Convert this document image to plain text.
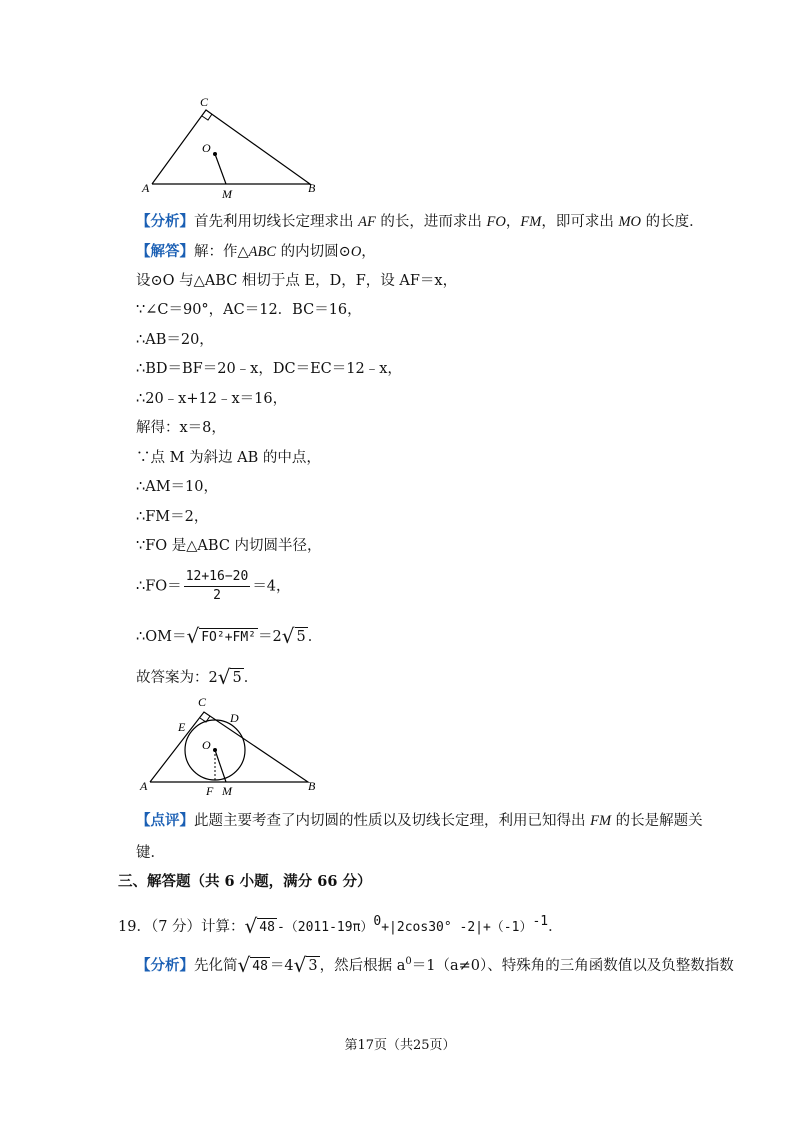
C
O
A	M	B
【分析】首先利用切线长定理求出 AF 的长，进而求出 FO，FM，即可求出 MO 的长度．
【解答】解：作△ABC 的内切圆⊙O，
设⊙O 与△ABC 相切于点 E，D，F，设 AF＝x，
∵∠C＝90°，AC＝12．BC＝16，
∴AB＝20，
∴BD＝BF＝20﹣x，DC＝EC＝12﹣x，
∴20﹣x+12﹣x＝16，
解得：x＝8，
∵点 M 为斜边 AB 的中点，
∴AM＝10，
∴FM＝2，
∵FO 是△ABC 内切圆半径，
∴FO＝ $\frac{12+16-20}{2} =4$，
∴OM＝√ FO²+FM² ＝2√ 5 ．
故答案为：2√ 5 ．
C
D
E
O
A	F M	B
【点评】此题主要考查了内切圆的性质以及切线长定理，利用已知得出 FM 的长是解题关
键．
三、解答题（共 6 小题，满分 66 分）
19．（7 分）计算：√ 48 $-(2011-19\pi)^0+|2\cos 30^\circ$ $-2|+(-1)^{-1}$．
【分析】先化简√ 48 ＝4√ 3 ，然后根据 $a^0=1(a\ne 0)$、特殊角的三角函数值以及负整数指数
第17页（共25页）
